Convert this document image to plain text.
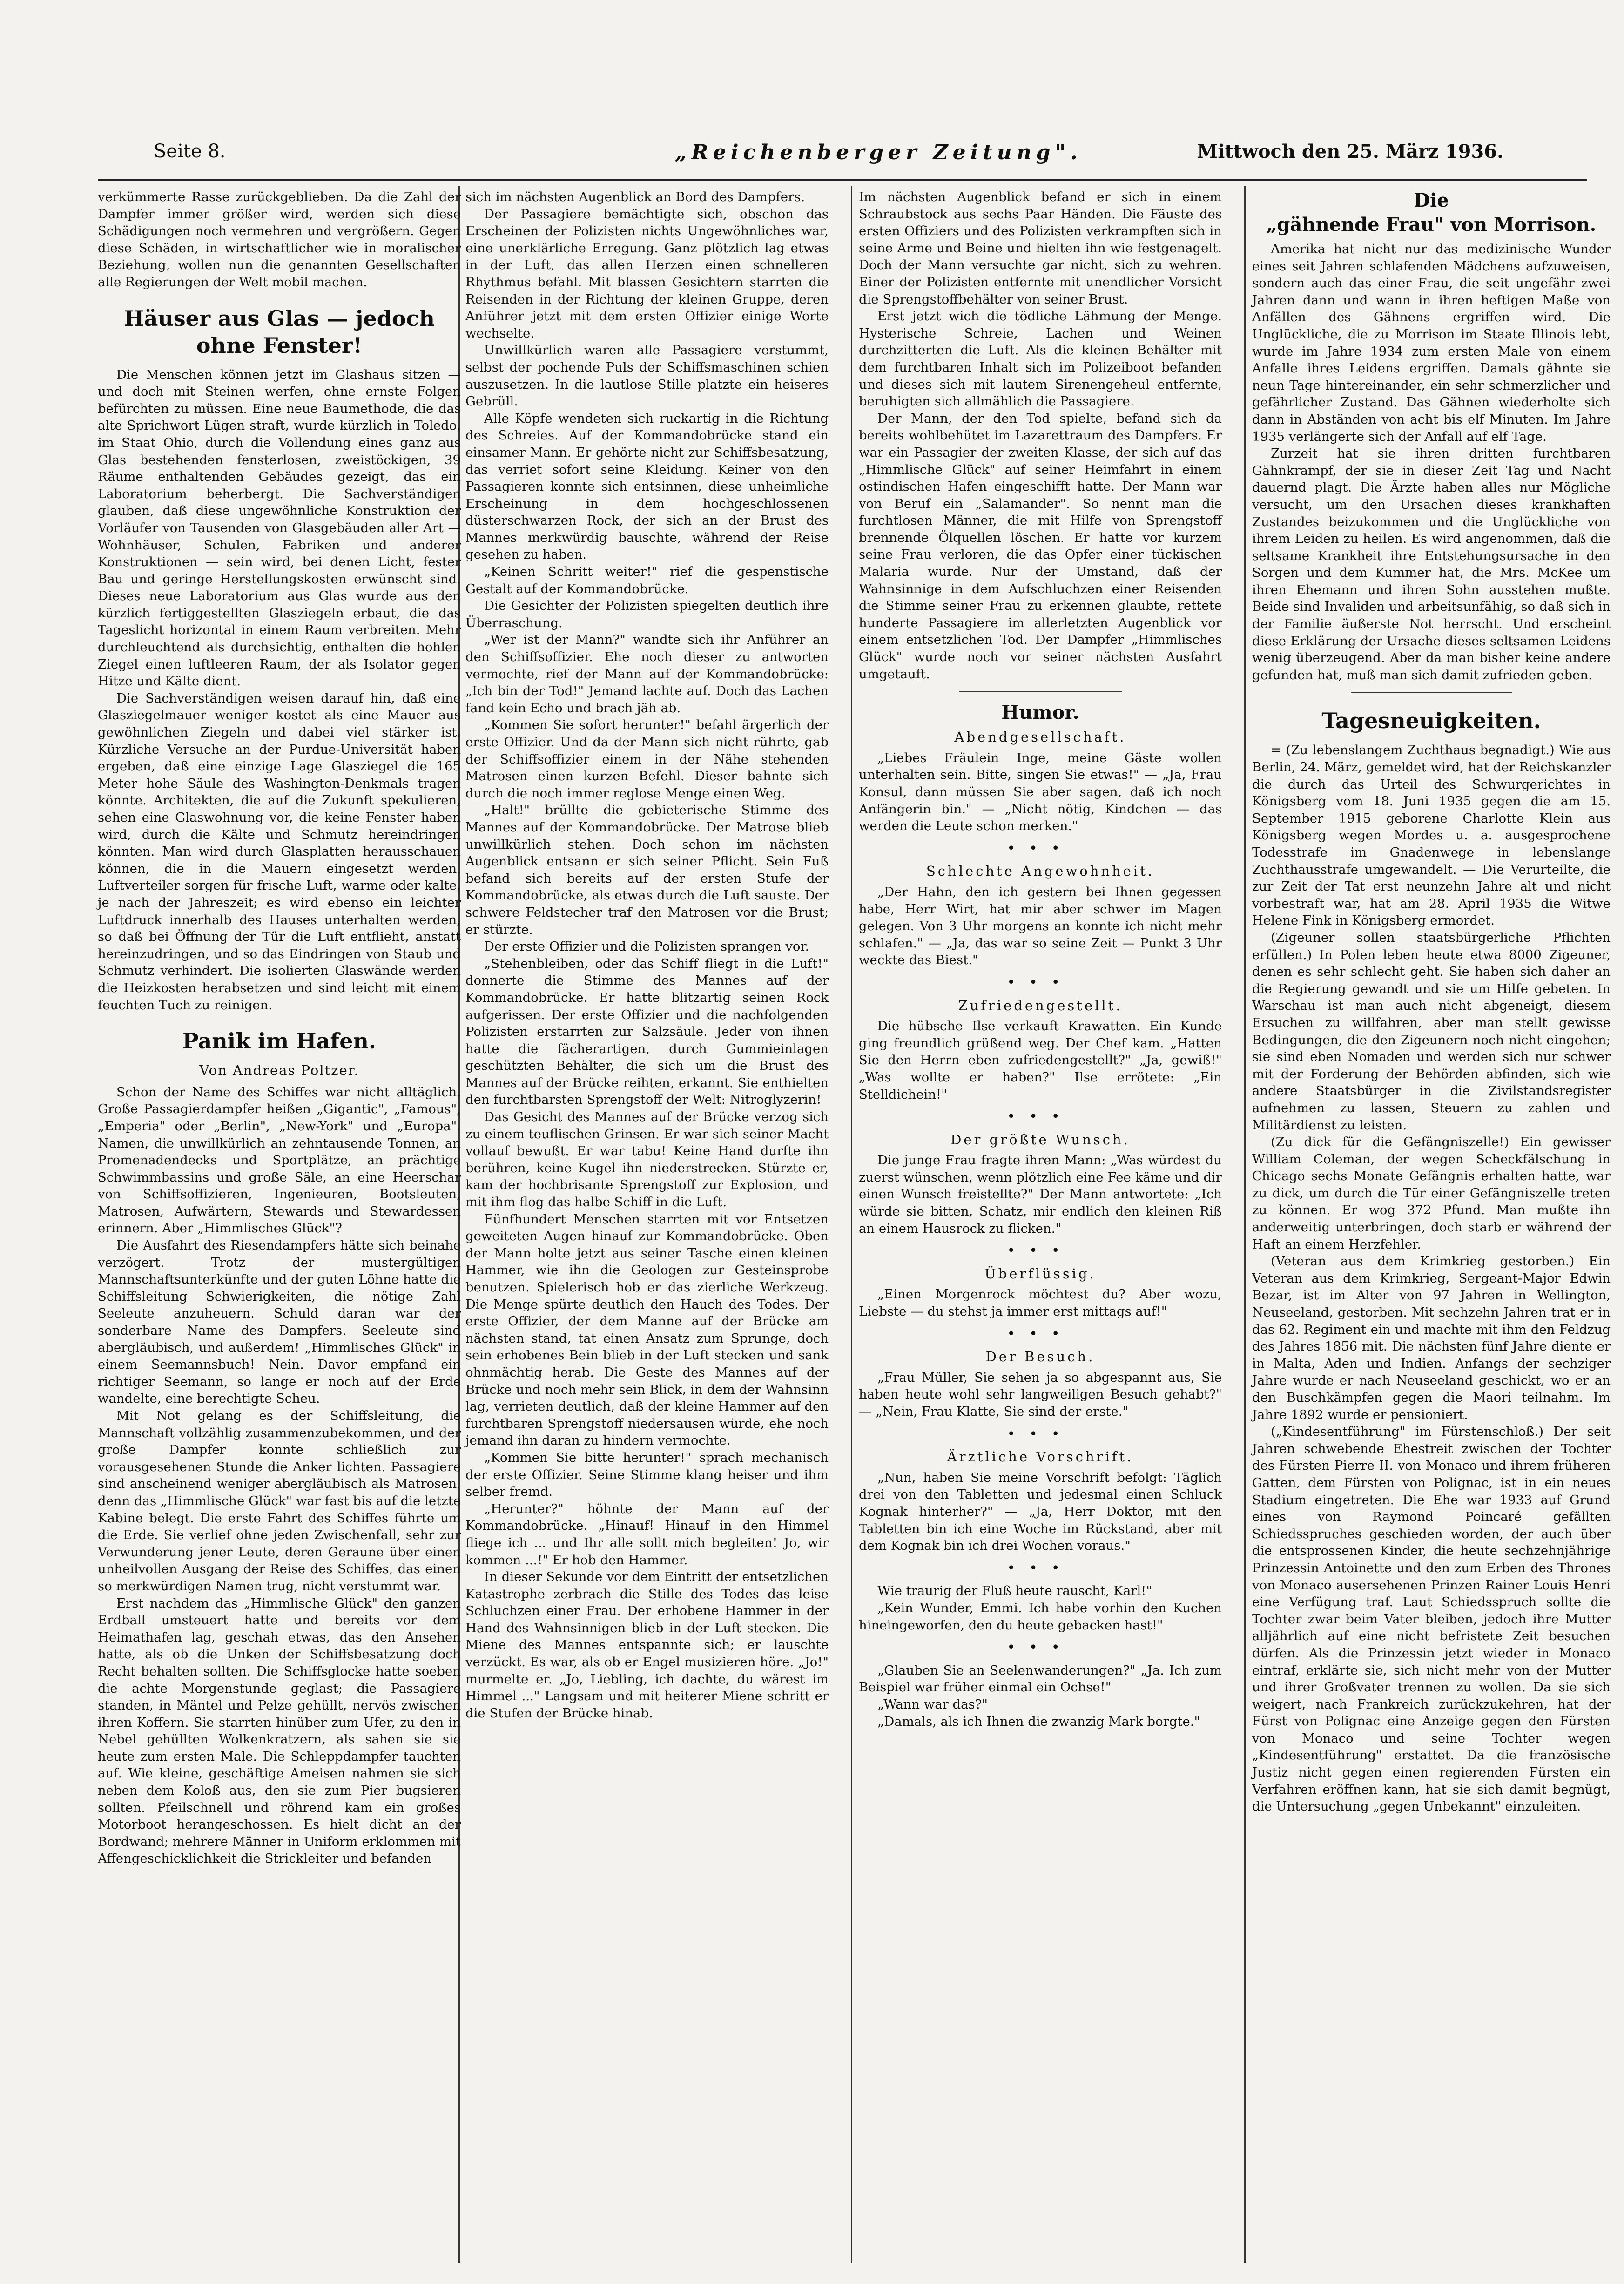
Seite 8.	„Reichenberger Zeitung".	Mittwoch den 25. März 1936.

verkümmerte Rasse zurückgeblieben. Da die Zahl der Dampfer immer größer wird, werden sich diese Schädigungen noch vermehren und vergrößern. Gegen diese Schäden, in wirtschaftlicher wie in moralischer Beziehung, wollen nun die genannten Gesellschaften alle Regierungen der Welt mobil machen.

Häuser aus Glas — jedoch ohne Fenster!

Die Menschen können jetzt im Glashaus sitzen — und doch mit Steinen werfen, ohne ernste Folgen befürchten zu müssen. Eine neue Baumethode, die das alte Sprichwort Lügen straft, wurde kürzlich in Toledo, im Staat Ohio, durch die Vollendung eines ganz aus Glas bestehenden fensterlosen, zweistöckigen, 39 Räume enthaltenden Gebäudes gezeigt, das ein Laboratorium beherbergt. Die Sachverständigen glauben, daß diese ungewöhnliche Konstruktion der Vorläufer von Tausenden von Glasgebäuden aller Art — Wohnhäuser, Schulen, Fabriken und anderer Konstruktionen — sein wird, bei denen Licht, fester Bau und geringe Herstellungskosten erwünscht sind. Dieses neue Laboratorium aus Glas wurde aus den kürzlich fertiggestellten Glasziegeln erbaut, die das Tageslicht horizontal in einem Raum verbreiten. Mehr durchleuchtend als durchsichtig, enthalten die hohlen Ziegel einen luftleeren Raum, der als Isolator gegen Hitze und Kälte dient.

Die Sachverständigen weisen darauf hin, daß eine Glasziegelmauer weniger kostet als eine Mauer aus gewöhnlichen Ziegeln und dabei viel stärker ist. Kürzliche Versuche an der Purdue-Universität haben ergeben, daß eine einzige Lage Glasziegel die 165 Meter hohe Säule des Washington-Denkmals tragen könnte. Architekten, die auf die Zukunft spekulieren, sehen eine Glaswohnung vor, die keine Fenster haben wird, durch die Kälte und Schmutz hereindringen könnten. Man wird durch Glasplatten herausschauen können, die in die Mauern eingesetzt werden. Luftverteiler sorgen für frische Luft, warme oder kalte, je nach der Jahreszeit; es wird ebenso ein leichter Luftdruck innerhalb des Hauses unterhalten werden, so daß bei Öffnung der Tür die Luft entflieht, anstatt hereinzudringen, und so das Eindringen von Staub und Schmutz verhindert. Die isolierten Glaswände werden die Heizkosten herabsetzen und sind leicht mit einem feuchten Tuch zu reinigen.

Panik im Hafen.
Von Andreas Poltzer.

Schon der Name des Schiffes war nicht alltäglich. Große Passagierdampfer heißen „Gigantic", „Famous", „Emperia" oder „Berlin", „New-York" und „Europa". Namen, die unwillkürlich an zehntausende Tonnen, an Promenadendecks und Sportplätze, an prächtige Schwimmbassins und große Säle, an eine Heerschar von Schiffsoffizieren, Ingenieuren, Bootsleuten, Matrosen, Aufwärtern, Stewards und Stewardessen erinnern. Aber „Himmlisches Glück"?

Die Ausfahrt des Riesendampfers hätte sich beinahe verzögert. Trotz der mustergültigen Mannschaftsunterkünfte und der guten Löhne hatte die Schiffsleitung Schwierigkeiten, die nötige Zahl Seeleute anzuheuern. Schuld daran war der sonderbare Name des Dampfers. Seeleute sind abergläubisch, und außerdem! „Himmlisches Glück" in einem Seemannsbuch! Nein. Davor empfand ein richtiger Seemann, so lange er noch auf der Erde wandelte, eine berechtigte Scheu.

Mit Not gelang es der Schiffsleitung, die Mannschaft vollzählig zusammenzubekommen, und der große Dampfer konnte schließlich zur vorausgesehenen Stunde die Anker lichten. Passagiere sind anscheinend weniger abergläubisch als Matrosen, denn das „Himmlische Glück" war fast bis auf die letzte Kabine belegt. Die erste Fahrt des Schiffes führte um die Erde. Sie verlief ohne jeden Zwischenfall, sehr zur Verwunderung jener Leute, deren Geraune über einen unheilvollen Ausgang der Reise des Schiffes, das einen so merkwürdigen Namen trug, nicht verstummt war.

Erst nachdem das „Himmlische Glück" den ganzen Erdball umsteuert hatte und bereits vor dem Heimathafen lag, geschah etwas, das den Ansehen hatte, als ob die Unken der Schiffsbesatzung doch Recht behalten sollten. Die Schiffsglocke hatte soeben die achte Morgenstunde geglast; die Passagiere standen, in Mäntel und Pelze gehüllt, nervös zwischen ihren Koffern. Sie starrten hinüber zum Ufer, zu den in Nebel gehüllten Wolkenkratzern, als sahen sie sie heute zum ersten Male. Die Schleppdampfer tauchten auf. Wie kleine, geschäftige Ameisen nahmen sie sich neben dem Koloß aus, den sie zum Pier bugsieren sollten. Pfeilschnell und röhrend kam ein großes Motorboot herangeschossen. Es hielt dicht an der Bordwand; mehrere Männer in Uniform erklommen mit Affengeschicklichkeit die Strickleiter und befanden

sich im nächsten Augenblick an Bord des Dampfers.

Der Passagiere bemächtigte sich, obschon das Erscheinen der Polizisten nichts Ungewöhnliches war, eine unerklärliche Erregung. Ganz plötzlich lag etwas in der Luft, das allen Herzen einen schnelleren Rhythmus befahl. Mit blassen Gesichtern starrten die Reisenden in der Richtung der kleinen Gruppe, deren Anführer jetzt mit dem ersten Offizier einige Worte wechselte.

Unwillkürlich waren alle Passagiere verstummt, selbst der pochende Puls der Schiffsmaschinen schien auszusetzen. In die lautlose Stille platzte ein heiseres Gebrüll.

Alle Köpfe wendeten sich ruckartig in die Richtung des Schreies. Auf der Kommandobrücke stand ein einsamer Mann. Er gehörte nicht zur Schiffsbesatzung, das verriet sofort seine Kleidung. Keiner von den Passagieren konnte sich entsinnen, diese unheimliche Erscheinung in dem hochgeschlossenen düsterschwarzen Rock, der sich an der Brust des Mannes merkwürdig bauschte, während der Reise gesehen zu haben.

„Keinen Schritt weiter!" rief die gespenstische Gestalt auf der Kommandobrücke.

Die Gesichter der Polizisten spiegelten deutlich ihre Überraschung.

„Wer ist der Mann?" wandte sich ihr Anführer an den Schiffsoffizier. Ehe noch dieser zu antworten vermochte, rief der Mann auf der Kommandobrücke: „Ich bin der Tod!" Jemand lachte auf. Doch das Lachen fand kein Echo und brach jäh ab.

„Kommen Sie sofort herunter!" befahl ärgerlich der erste Offizier. Und da der Mann sich nicht rührte, gab der Schiffsoffizier einem in der Nähe stehenden Matrosen einen kurzen Befehl. Dieser bahnte sich durch die noch immer reglose Menge einen Weg.

„Halt!" brüllte die gebieterische Stimme des Mannes auf der Kommandobrücke. Der Matrose blieb unwillkürlich stehen. Doch schon im nächsten Augenblick entsann er sich seiner Pflicht. Sein Fuß befand sich bereits auf der ersten Stufe der Kommandobrücke, als etwas durch die Luft sauste. Der schwere Feldstecher traf den Matrosen vor die Brust; er stürzte.

Der erste Offizier und die Polizisten sprangen vor.

„Stehenbleiben, oder das Schiff fliegt in die Luft!" donnerte die Stimme des Mannes auf der Kommandobrücke. Er hatte blitzartig seinen Rock aufgerissen. Der erste Offizier und die nachfolgenden Polizisten erstarrten zur Salzsäule. Jeder von ihnen hatte die fächerartigen, durch Gummieinlagen geschützten Behälter, die sich um die Brust des Mannes auf der Brücke reihten, erkannt. Sie enthielten den furchtbarsten Sprengstoff der Welt: Nitroglyzerin!

Das Gesicht des Mannes auf der Brücke verzog sich zu einem teuflischen Grinsen. Er war sich seiner Macht vollauf bewußt. Er war tabu! Keine Hand durfte ihn berühren, keine Kugel ihn niederstrecken. Stürzte er, kam der hochbrisante Sprengstoff zur Explosion, und mit ihm flog das halbe Schiff in die Luft.

Fünfhundert Menschen starrten mit vor Entsetzen geweiteten Augen hinauf zur Kommandobrücke. Oben der Mann holte jetzt aus seiner Tasche einen kleinen Hammer, wie ihn die Geologen zur Gesteinsprobe benutzen. Spielerisch hob er das zierliche Werkzeug. Die Menge spürte deutlich den Hauch des Todes. Der erste Offizier, der dem Manne auf der Brücke am nächsten stand, tat einen Ansatz zum Sprunge, doch sein erhobenes Bein blieb in der Luft stecken und sank ohnmächtig herab. Die Geste des Mannes auf der Brücke und noch mehr sein Blick, in dem der Wahnsinn lag, verrieten deutlich, daß der kleine Hammer auf den furchtbaren Sprengstoff niedersausen würde, ehe noch jemand ihn daran zu hindern vermochte.

„Kommen Sie bitte herunter!" sprach mechanisch der erste Offizier. Seine Stimme klang heiser und ihm selber fremd.

„Herunter?" höhnte der Mann auf der Kommandobrücke. „Hinauf! Hinauf in den Himmel fliege ich ... und Ihr alle sollt mich begleiten! Jo, wir kommen ...!" Er hob den Hammer.

In dieser Sekunde vor dem Eintritt der entsetzlichen Katastrophe zerbrach die Stille des Todes das leise Schluchzen einer Frau. Der erhobene Hammer in der Hand des Wahnsinnigen blieb in der Luft stecken. Die Miene des Mannes entspannte sich; er lauschte verzückt. Es war, als ob er Engel musizieren höre. „Jo!" murmelte er. „Jo, Liebling, ich dachte, du wärest im Himmel ..." Langsam und mit heiterer Miene schritt er die Stufen der Brücke hinab.

Im nächsten Augenblick befand er sich in einem Schraubstock aus sechs Paar Händen. Die Fäuste des ersten Offiziers und des Polizisten verkrampften sich in seine Arme und Beine und hielten ihn wie festgenagelt. Doch der Mann versuchte gar nicht, sich zu wehren. Einer der Polizisten entfernte mit unendlicher Vorsicht die Sprengstoffbehälter von seiner Brust.

Erst jetzt wich die tödliche Lähmung der Menge. Hysterische Schreie, Lachen und Weinen durchzitterten die Luft. Als die kleinen Behälter mit dem furchtbaren Inhalt sich im Polizeiboot befanden und dieses sich mit lautem Sirenengeheul entfernte, beruhigten sich allmählich die Passagiere.

Der Mann, der den Tod spielte, befand sich da bereits wohlbehütet im Lazarettraum des Dampfers. Er war ein Passagier der zweiten Klasse, der sich auf das „Himmlische Glück" auf seiner Heimfahrt in einem ostindischen Hafen eingeschifft hatte. Der Mann war von Beruf ein „Salamander". So nennt man die furchtlosen Männer, die mit Hilfe von Sprengstoff brennende Ölquellen löschen. Er hatte vor kurzem seine Frau verloren, die das Opfer einer tückischen Malaria wurde. Nur der Umstand, daß der Wahnsinnige in dem Aufschluchzen einer Reisenden die Stimme seiner Frau zu erkennen glaubte, rettete hunderte Passagiere im allerletzten Augenblick vor einem entsetzlichen Tod. Der Dampfer „Himmlisches Glück" wurde noch vor seiner nächsten Ausfahrt umgetauft.

Humor.
Abendgesellschaft.

„Liebes Fräulein Inge, meine Gäste wollen unterhalten sein. Bitte, singen Sie etwas!" — „Ja, Frau Konsul, dann müssen Sie aber sagen, daß ich noch Anfängerin bin." — „Nicht nötig, Kindchen — das werden die Leute schon merken."

•••
Schlechte Angewohnheit.

„Der Hahn, den ich gestern bei Ihnen gegessen habe, Herr Wirt, hat mir aber schwer im Magen gelegen. Von 3 Uhr morgens an konnte ich nicht mehr schlafen." — „Ja, das war so seine Zeit — Punkt 3 Uhr weckte das Biest."

•••
Zufriedengestellt.

Die hübsche Ilse verkauft Krawatten. Ein Kunde ging freundlich grüßend weg. Der Chef kam. „Hatten Sie den Herrn eben zufriedengestellt?" „Ja, gewiß!" „Was wollte er haben?" Ilse errötete: „Ein Stelldichein!"

•••
Der größte Wunsch.

Die junge Frau fragte ihren Mann: „Was würdest du zuerst wünschen, wenn plötzlich eine Fee käme und dir einen Wunsch freistellte?" Der Mann antwortete: „Ich würde sie bitten, Schatz, mir endlich den kleinen Riß an einem Hausrock zu flicken."

•••
Überflüssig.

„Einen Morgenrock möchtest du? Aber wozu, Liebste — du stehst ja immer erst mittags auf!"

•••
Der Besuch.

„Frau Müller, Sie sehen ja so abgespannt aus, Sie haben heute wohl sehr langweiligen Besuch gehabt?" — „Nein, Frau Klatte, Sie sind der erste."

•••
Ärztliche Vorschrift.

„Nun, haben Sie meine Vorschrift befolgt: Täglich drei von den Tabletten und jedesmal einen Schluck Kognak hinterher?" — „Ja, Herr Doktor, mit den Tabletten bin ich eine Woche im Rückstand, aber mit dem Kognak bin ich drei Wochen voraus."

•••

Wie traurig der Fluß heute rauscht, Karl!"

„Kein Wunder, Emmi. Ich habe vorhin den Kuchen hineingeworfen, den du heute gebacken hast!"

•••

„Glauben Sie an Seelenwanderungen?" „Ja. Ich zum Beispiel war früher einmal ein Ochse!"

„Wann war das?"

„Damals, als ich Ihnen die zwanzig Mark borgte."

Die
„gähnende Frau" von Morrison.

Amerika hat nicht nur das medizinische Wunder eines seit Jahren schlafenden Mädchens aufzuweisen, sondern auch das einer Frau, die seit ungefähr zwei Jahren dann und wann in ihren heftigen Maße von Anfällen des Gähnens ergriffen wird. Die Unglückliche, die zu Morrison im Staate Illinois lebt, wurde im Jahre 1934 zum ersten Male von einem Anfalle ihres Leidens ergriffen. Damals gähnte sie neun Tage hintereinander, ein sehr schmerzlicher und gefährlicher Zustand. Das Gähnen wiederholte sich dann in Abständen von acht bis elf Minuten. Im Jahre 1935 verlängerte sich der Anfall auf elf Tage.

Zurzeit hat sie ihren dritten furchtbaren Gähnkrampf, der sie in dieser Zeit Tag und Nacht dauernd plagt. Die Ärzte haben alles nur Mögliche versucht, um den Ursachen dieses krankhaften Zustandes beizukommen und die Unglückliche von ihrem Leiden zu heilen. Es wird angenommen, daß die seltsame Krankheit ihre Entstehungsursache in den Sorgen und dem Kummer hat, die Mrs. McKee um ihren Ehemann und ihren Sohn ausstehen mußte. Beide sind Invaliden und arbeitsunfähig, so daß sich in der Familie äußerste Not herrscht. Und erscheint diese Erklärung der Ursache dieses seltsamen Leidens wenig überzeugend. Aber da man bisher keine andere gefunden hat, muß man sich damit zufrieden geben.

Tagesneuigkeiten.

= (Zu lebenslangem Zuchthaus begnadigt.) Wie aus Berlin, 24. März, gemeldet wird, hat der Reichskanzler die durch das Urteil des Schwurgerichtes in Königsberg vom 18. Juni 1935 gegen die am 15. September 1915 geborene Charlotte Klein aus Königsberg wegen Mordes u. a. ausgesprochene Todesstrafe im Gnadenwege in lebenslange Zuchthausstrafe umgewandelt. — Die Verurteilte, die zur Zeit der Tat erst neunzehn Jahre alt und nicht vorbestraft war, hat am 28. April 1935 die Witwe Helene Fink in Königsberg ermordet.

(Zigeuner sollen staatsbürgerliche Pflichten erfüllen.) In Polen leben heute etwa 8000 Zigeuner, denen es sehr schlecht geht. Sie haben sich daher an die Regierung gewandt und sie um Hilfe gebeten. In Warschau ist man auch nicht abgeneigt, diesem Ersuchen zu willfahren, aber man stellt gewisse Bedingungen, die den Zigeunern noch nicht eingehen; sie sind eben Nomaden und werden sich nur schwer mit der Forderung der Behörden abfinden, sich wie andere Staatsbürger in die Zivilstandsregister aufnehmen zu lassen, Steuern zu zahlen und Militärdienst zu leisten.

(Zu dick für die Gefängniszelle!) Ein gewisser William Coleman, der wegen Scheckfälschung in Chicago sechs Monate Gefängnis erhalten hatte, war zu dick, um durch die Tür einer Gefängniszelle treten zu können. Er wog 372 Pfund. Man mußte ihn anderweitig unterbringen, doch starb er während der Haft an einem Herzfehler.

(Veteran aus dem Krimkrieg gestorben.) Ein Veteran aus dem Krimkrieg, Sergeant-Major Edwin Bezar, ist im Alter von 97 Jahren in Wellington, Neuseeland, gestorben. Mit sechzehn Jahren trat er in das 62. Regiment ein und machte mit ihm den Feldzug des Jahres 1856 mit. Die nächsten fünf Jahre diente er in Malta, Aden und Indien. Anfangs der sechziger Jahre wurde er nach Neuseeland geschickt, wo er an den Buschkämpfen gegen die Maori teilnahm. Im Jahre 1892 wurde er pensioniert.

(„Kindesentführung" im Fürstenschloß.) Der seit Jahren schwebende Ehestreit zwischen der Tochter des Fürsten Pierre II. von Monaco und ihrem früheren Gatten, dem Fürsten von Polignac, ist in ein neues Stadium eingetreten. Die Ehe war 1933 auf Grund eines von Raymond Poincaré gefällten Schiedsspruches geschieden worden, der auch über die entsprossenen Kinder, die heute sechzehnjährige Prinzessin Antoinette und den zum Erben des Thrones von Monaco ausersehenen Prinzen Rainer Louis Henri eine Verfügung traf. Laut Schiedsspruch sollte die Tochter zwar beim Vater bleiben, jedoch ihre Mutter alljährlich auf eine nicht befristete Zeit besuchen dürfen. Als die Prinzessin jetzt wieder in Monaco eintraf, erklärte sie, sich nicht mehr von der Mutter und ihrer Großvater trennen zu wollen. Da sie sich weigert, nach Frankreich zurückzukehren, hat der Fürst von Polignac eine Anzeige gegen den Fürsten von Monaco und seine Tochter wegen „Kindesentführung" erstattet. Da die französische Justiz nicht gegen einen regierenden Fürsten ein Verfahren eröffnen kann, hat sie sich damit begnügt, die Untersuchung „gegen Unbekannt" einzuleiten.
